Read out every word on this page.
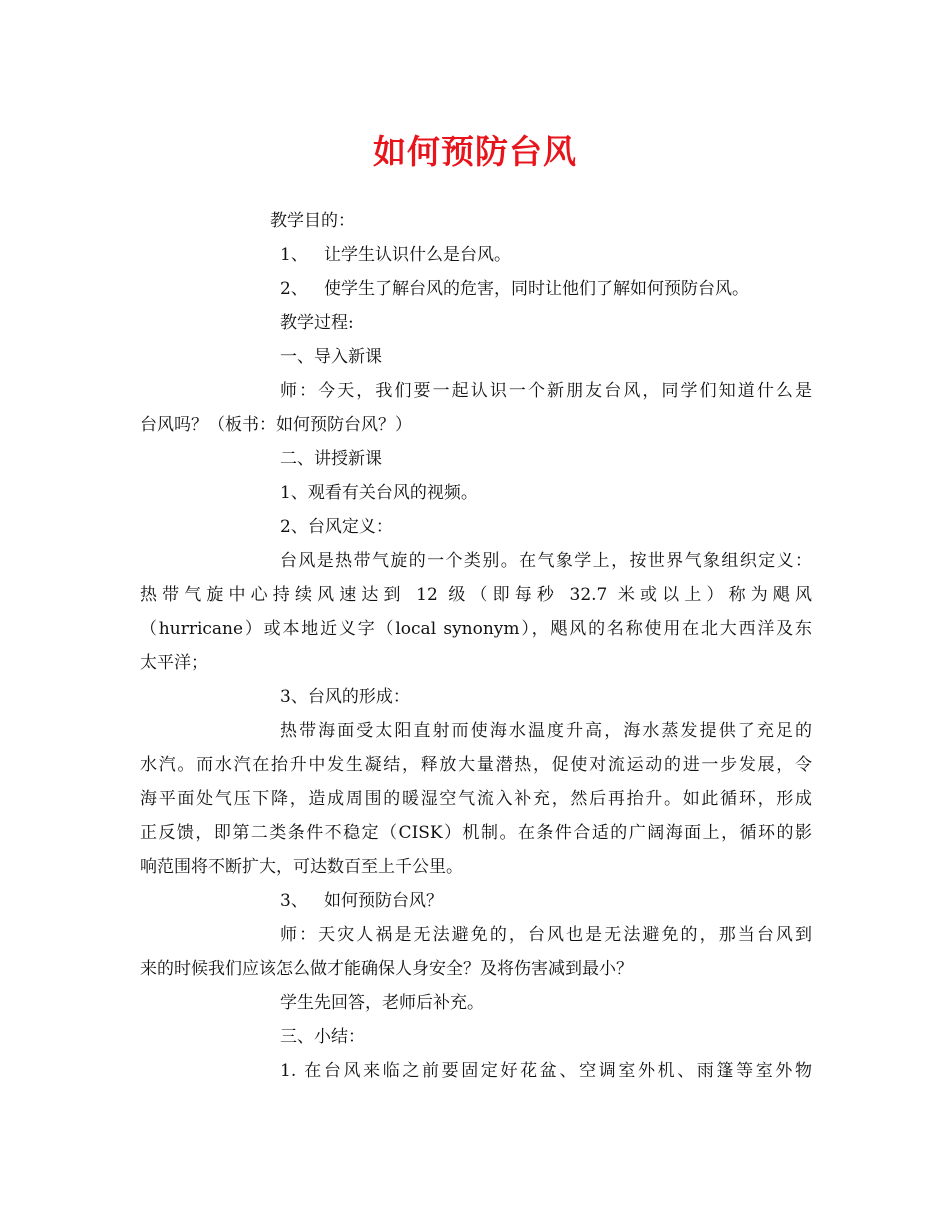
如何预防台风
教学目的：
1、   让学生认识什么是台风。
2、   使学生了解台风的危害，同时让他们了解如何预防台风。
教学过程:
一、导入新课
师：今天，我们要一起认识一个新朋友台风，同学们知道什么是
台风吗？（板书：如何预防台风？）
二、讲授新课
1、观看有关台风的视频。
2、台风定义：
台风是热带气旋的一个类别。在气象学上，按世界气象组织定义：
热带气旋中心持续风速达到 12 级（即每秒 32.7 米或以上）称为飓风
（hurricane）或本地近义字（local synonym），飓风的名称使用在北大西洋及东
太平洋；
3、台风的形成：
热带海面受太阳直射而使海水温度升高，海水蒸发提供了充足的
水汽。而水汽在抬升中发生凝结，释放大量潜热，促使对流运动的进一步发展，令
海平面处气压下降，造成周围的暖湿空气流入补充，然后再抬升。如此循环，形成
正反馈，即第二类条件不稳定（CISK）机制。在条件合适的广阔海面上，循环的影
响范围将不断扩大，可达数百至上千公里。
3、   如何预防台风？
师：天灾人祸是无法避免的，台风也是无法避免的，那当台风到
来的时候我们应该怎么做才能确保人身安全？及将伤害减到最小？
学生先回答，老师后补充。
三、小结：
1. 在台风来临之前要固定好花盆、空调室外机、雨篷等室外物
